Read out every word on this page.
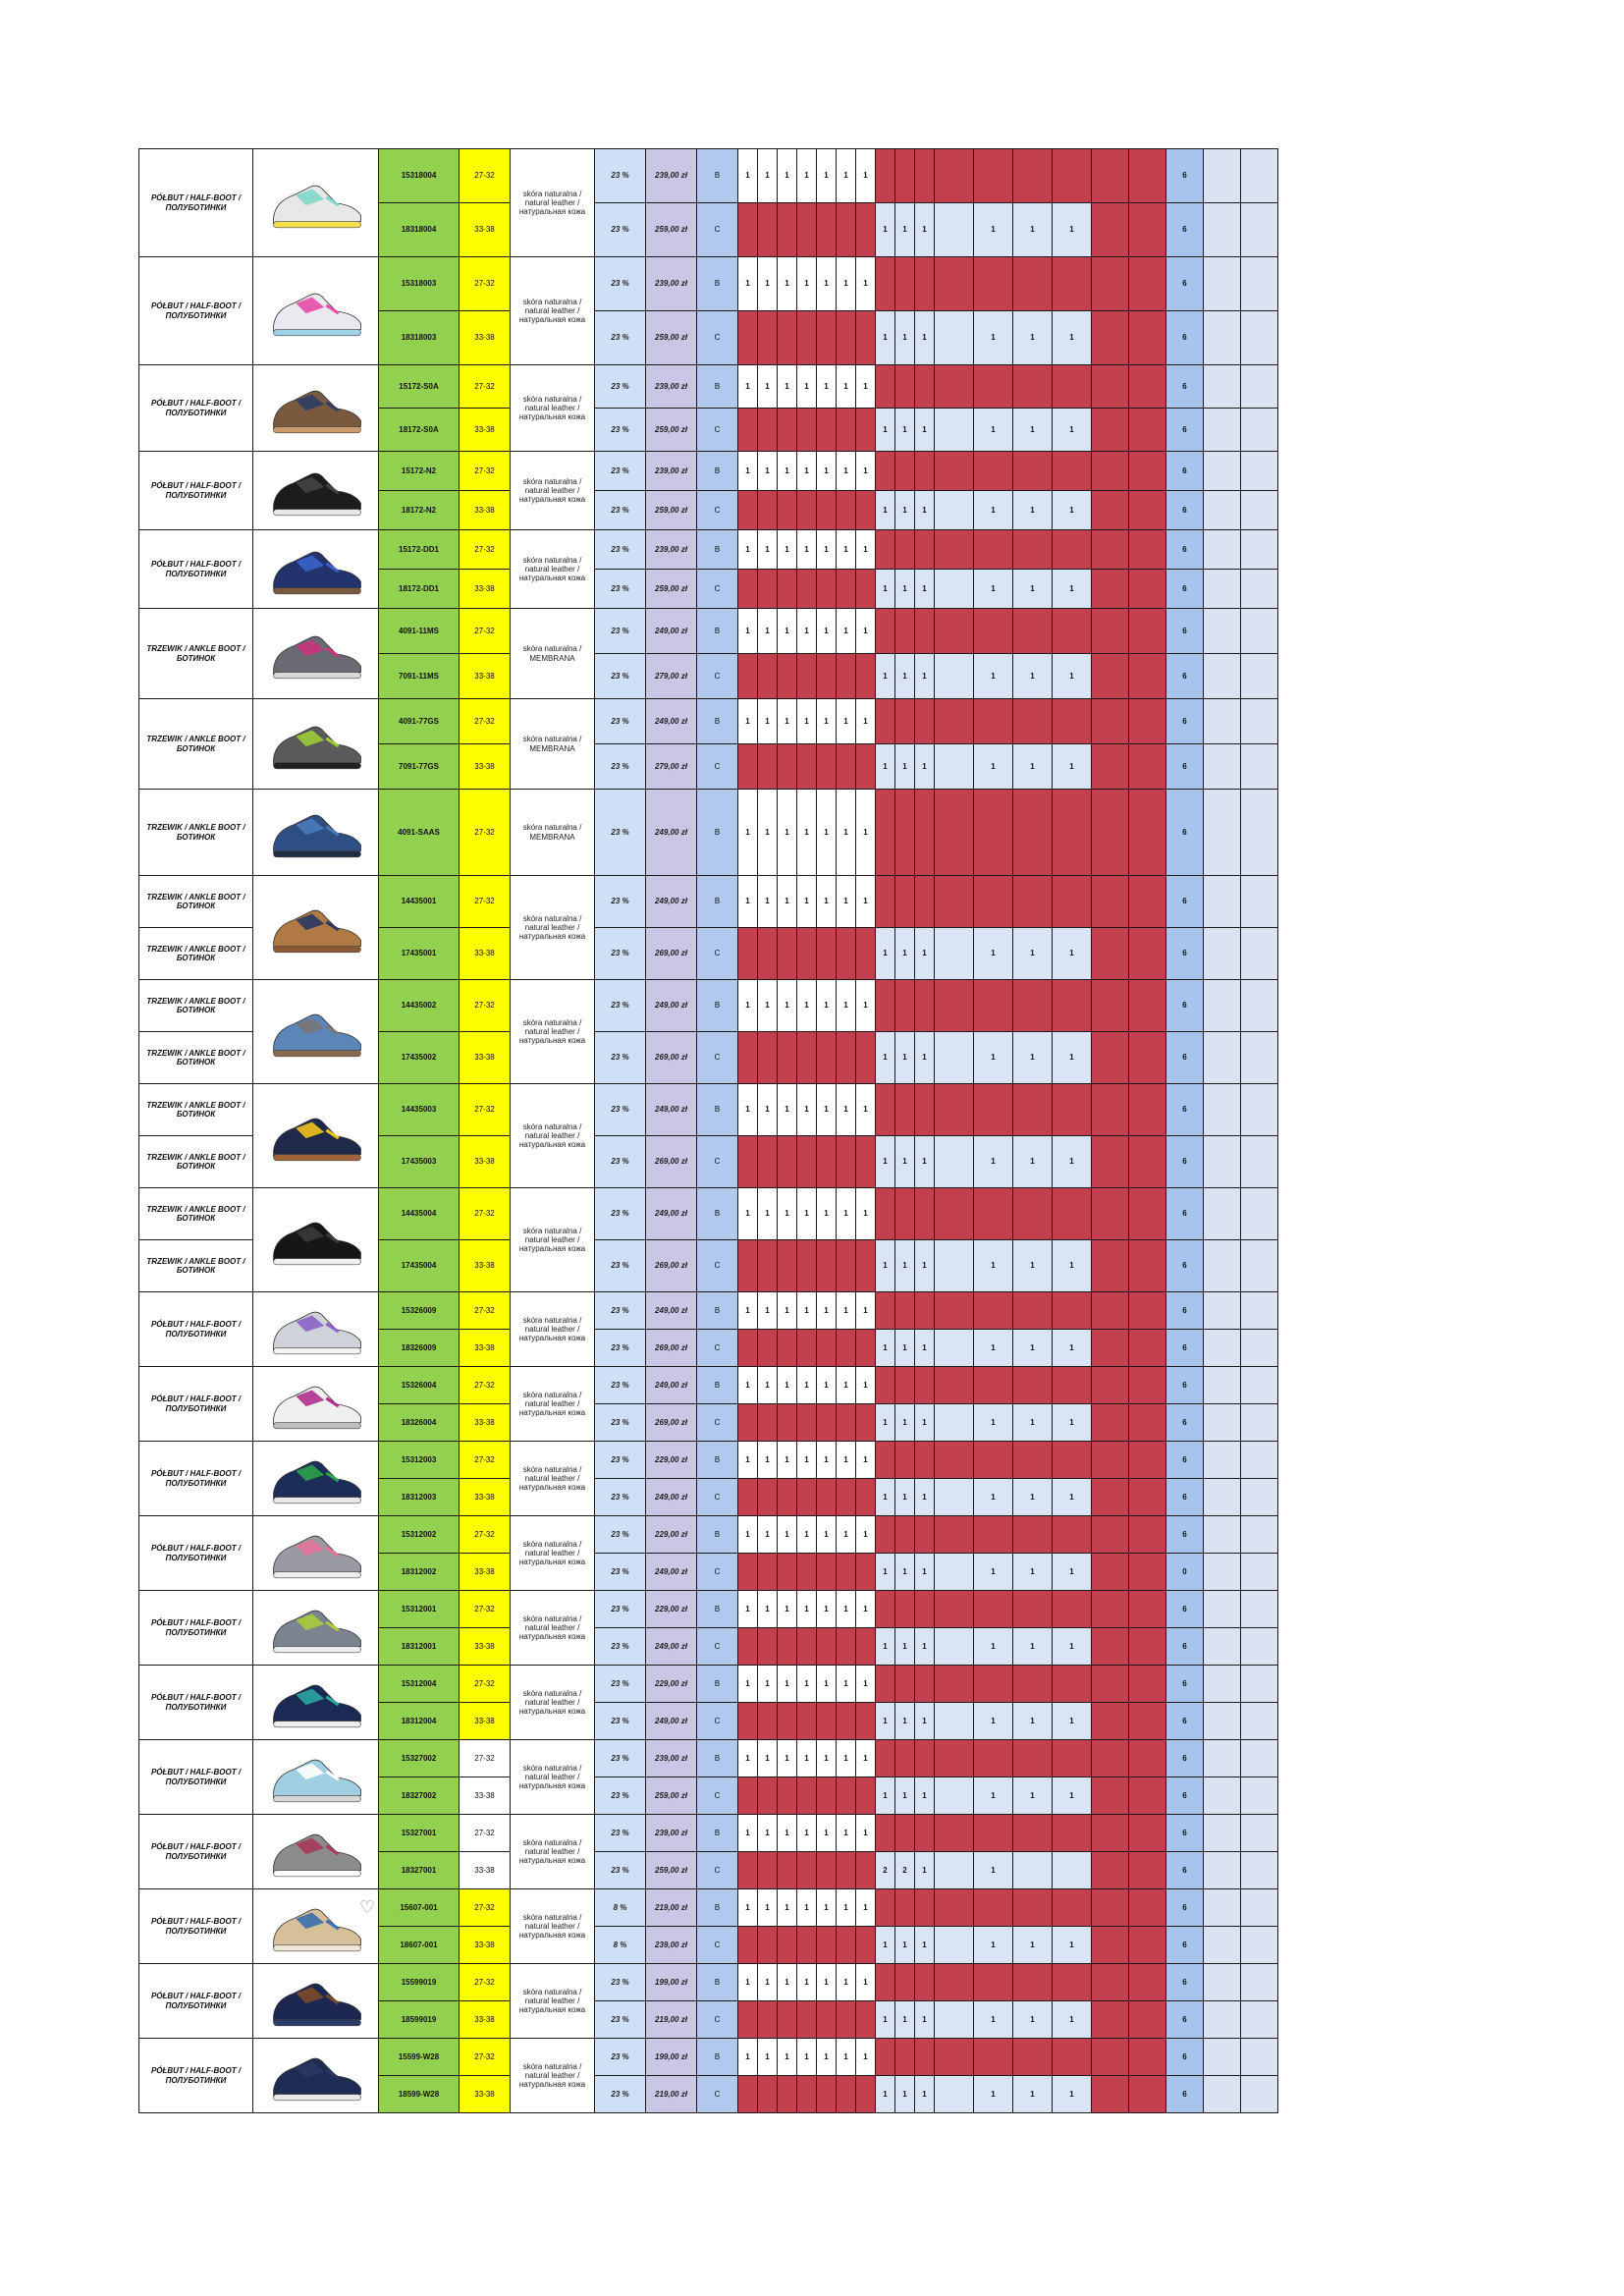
PÓŁBUT / HALF-BOOT / ПОЛУБОТИНКИ		15318004	27-32	skóra naturalna / natural leather / натуральная кожа	23 %	239,00 zł	B	1	1	1	1	1	1	1										6		
		18318004	33-38		23 %	259,00 zł	C								1	1	1		1	1	1			6		
PÓŁBUT / HALF-BOOT / ПОЛУБОТИНКИ		15318003	27-32	skóra naturalna / natural leather / натуральная кожа	23 %	239,00 zł	B	1	1	1	1	1	1	1										6		
		18318003	33-38		23 %	259,00 zł	C								1	1	1		1	1	1			6		
PÓŁBUT / HALF-BOOT / ПОЛУБОТИНКИ		15172-S0A	27-32	skóra naturalna / natural leather / натуральная кожа	23 %	239,00 zł	B	1	1	1	1	1	1	1										6		
		18172-S0A	33-38		23 %	259,00 zł	C								1	1	1		1	1	1			6		
PÓŁBUT / HALF-BOOT / ПОЛУБОТИНКИ		15172-N2	27-32	skóra naturalna / natural leather / натуральная кожа	23 %	239,00 zł	B	1	1	1	1	1	1	1										6		
		18172-N2	33-38		23 %	259,00 zł	C								1	1	1		1	1	1			6		
PÓŁBUT / HALF-BOOT / ПОЛУБОТИНКИ		15172-DD1	27-32	skóra naturalna / natural leather / натуральная кожа	23 %	239,00 zł	B	1	1	1	1	1	1	1										6		
		18172-DD1	33-38		23 %	259,00 zł	C								1	1	1		1	1	1			6		
TRZEWIK / ANKLE BOOT / БОТИНОК		4091-11MS	27-32	skóra naturalna / MEMBRANA	23 %	249,00 zł	B	1	1	1	1	1	1	1										6		
		7091-11MS	33-38		23 %	279,00 zł	C								1	1	1		1	1	1			6		
TRZEWIK / ANKLE BOOT / БОТИНОК		4091-77GS	27-32	skóra naturalna / MEMBRANA	23 %	249,00 zł	B	1	1	1	1	1	1	1										6		
		7091-77GS	33-38		23 %	279,00 zł	C								1	1	1		1	1	1			6		
TRZEWIK / ANKLE BOOT / БОТИНОК		4091-SAAS	27-32	skóra naturalna / MEMBRANA	23 %	249,00 zł	B	1	1	1	1	1	1	1										6		
TRZEWIK / ANKLE BOOT / БОТИНОК		14435001	27-32	skóra naturalna / natural leather / натуральная кожа	23 %	249,00 zł	B	1	1	1	1	1	1	1										6		
TRZEWIK / ANKLE BOOT / БОТИНОК		17435001	33-38		23 %	269,00 zł	C								1	1	1		1	1	1			6		
TRZEWIK / ANKLE BOOT / БОТИНОК		14435002	27-32	skóra naturalna / natural leather / натуральная кожа	23 %	249,00 zł	B	1	1	1	1	1	1	1										6		
TRZEWIK / ANKLE BOOT / БОТИНОК		17435002	33-38		23 %	269,00 zł	C								1	1	1		1	1	1			6		
TRZEWIK / ANKLE BOOT / БОТИНОК		14435003	27-32	skóra naturalna / natural leather / натуральная кожа	23 %	249,00 zł	B	1	1	1	1	1	1	1										6		
TRZEWIK / ANKLE BOOT / БОТИНОК		17435003	33-38		23 %	269,00 zł	C								1	1	1		1	1	1			6		
TRZEWIK / ANKLE BOOT / БОТИНОК		14435004	27-32	skóra naturalna / natural leather / натуральная кожа	23 %	249,00 zł	B	1	1	1	1	1	1	1										6		
TRZEWIK / ANKLE BOOT / БОТИНОК		17435004	33-38		23 %	269,00 zł	C								1	1	1		1	1	1			6		
PÓŁBUT / HALF-BOOT / ПОЛУБОТИНКИ		15326009	27-32	skóra naturalna / natural leather / натуральная кожа	23 %	249,00 zł	B	1	1	1	1	1	1	1										6		
		18326009	33-38		23 %	269,00 zł	C								1	1	1		1	1	1			6		
PÓŁBUT / HALF-BOOT / ПОЛУБОТИНКИ		15326004	27-32	skóra naturalna / natural leather / натуральная кожа	23 %	249,00 zł	B	1	1	1	1	1	1	1										6		
		18326004	33-38		23 %	269,00 zł	C								1	1	1		1	1	1			6		
PÓŁBUT / HALF-BOOT / ПОЛУБОТИНКИ		15312003	27-32	skóra naturalna / natural leather / натуральная кожа	23 %	229,00 zł	B	1	1	1	1	1	1	1										6		
		18312003	33-38		23 %	249,00 zł	C								1	1	1		1	1	1			6		
PÓŁBUT / HALF-BOOT / ПОЛУБОТИНКИ		15312002	27-32	skóra naturalna / natural leather / натуральная кожа	23 %	229,00 zł	B	1	1	1	1	1	1	1										6		
		18312002	33-38		23 %	249,00 zł	C								1	1	1		1	1	1			0		
PÓŁBUT / HALF-BOOT / ПОЛУБОТИНКИ		15312001	27-32	skóra naturalna / natural leather / натуральная кожа	23 %	229,00 zł	B	1	1	1	1	1	1	1										6		
		18312001	33-38		23 %	249,00 zł	C								1	1	1		1	1	1			6		
PÓŁBUT / HALF-BOOT / ПОЛУБОТИНКИ		15312004	27-32	skóra naturalna / natural leather / натуральная кожа	23 %	229,00 zł	B	1	1	1	1	1	1	1										6		
		18312004	33-38		23 %	249,00 zł	C								1	1	1		1	1	1			6		
PÓŁBUT / HALF-BOOT / ПОЛУБОТИНКИ		15327002	27-32	skóra naturalna / natural leather / натуральная кожа	23 %	239,00 zł	B	1	1	1	1	1	1	1										6		
		18327002	33-38		23 %	259,00 zł	C								1	1	1		1	1	1			6		
PÓŁBUT / HALF-BOOT / ПОЛУБОТИНКИ		15327001	27-32	skóra naturalna / natural leather / натуральная кожа	23 %	239,00 zł	B	1	1	1	1	1	1	1										6		
		18327001	33-38		23 %	259,00 zł	C								2	2	1		1					6		
PÓŁBUT / HALF-BOOT / ПОЛУБОТИНКИ	♡	15607-001	27-32	skóra naturalna / natural leather / натуральная кожа	8 %	219,00 zł	B	1	1	1	1	1	1	1										6		
		18607-001	33-38		8 %	239,00 zł	C								1	1	1		1	1	1			6		
PÓŁBUT / HALF-BOOT / ПОЛУБОТИНКИ		15599019	27-32	skóra naturalna / natural leather / натуральная кожа	23 %	199,00 zł	B	1	1	1	1	1	1	1										6		
		18599019	33-38		23 %	219,00 zł	C								1	1	1		1	1	1			6		
PÓŁBUT / HALF-BOOT / ПОЛУБОТИНКИ		15599-W28	27-32	skóra naturalna / natural leather / натуральная кожа	23 %	199,00 zł	B	1	1	1	1	1	1	1										6		
		18599-W28	33-38		23 %	219,00 zł	C								1	1	1		1	1	1			6		
